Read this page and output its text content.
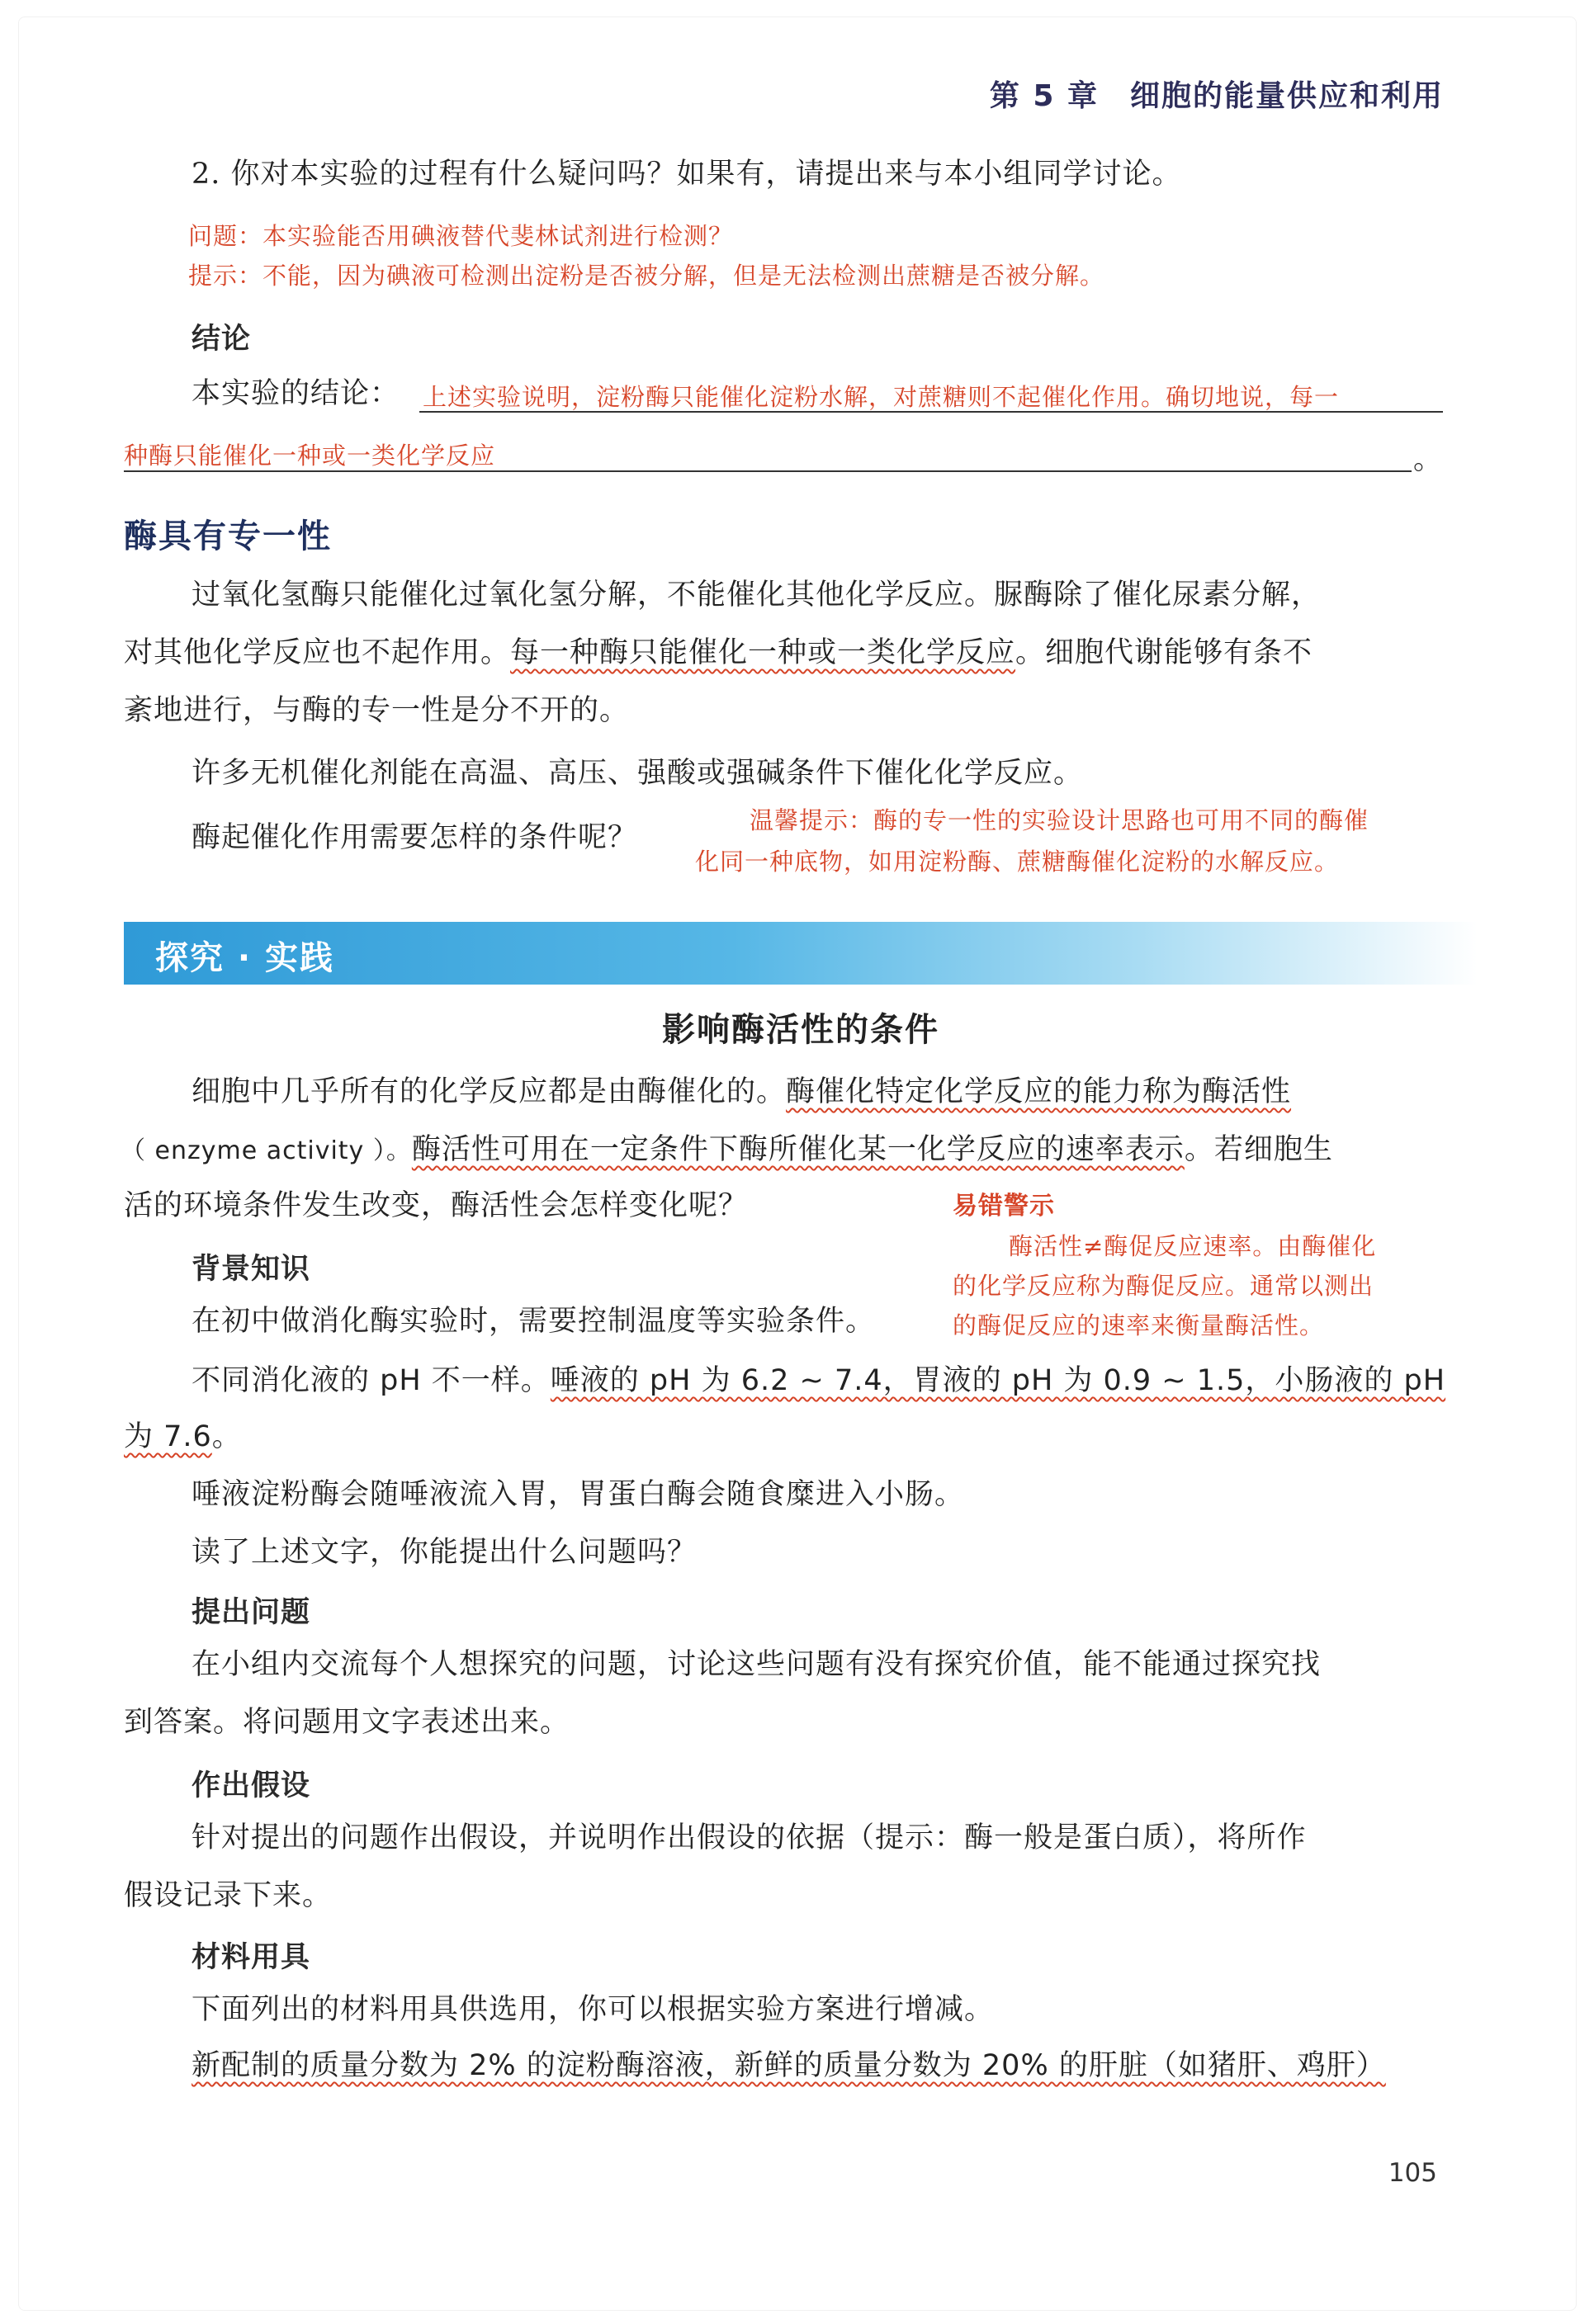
第 5 章　细胞的能量供应和利用

2. 你对本实验的过程有什么疑问吗？如果有，请提出来与本小组同学讨论。

问题：本实验能否用碘液替代斐林试剂进行检测？

提示：不能，因为碘液可检测出淀粉是否被分解，但是无法检测出蔗糖是否被分解。

结论

本实验的结论： 上述实验说明，淀粉酶只能催化淀粉水解，对蔗糖则不起催化作用。确切地说，每一

种酶只能催化一种或一类化学反应	。

酶具有专一性

过氧化氢酶只能催化过氧化氢分解，不能催化其他化学反应。脲酶除了催化尿素分解，

对其他化学反应也不起作用。每一种酶只能催化一种或一类化学反应。细胞代谢能够有条不

紊地进行，与酶的专一性是分不开的。

许多无机催化剂能在高温、高压、强酸或强碱条件下催化化学反应。

酶起催化作用需要怎样的条件呢？

温馨提示：酶的专一性的实验设计思路也可用不同的酶催

化同一种底物，如用淀粉酶、蔗糖酶催化淀粉的水解反应。

探究 · 实践
影响酶活性的条件

细胞中几乎所有的化学反应都是由酶催化的。酶催化特定化学反应的能力称为酶活性

（ enzyme activity ）。酶活性可用在一定条件下酶所催化某一化学反应的速率表示。若细胞生

活的环境条件发生改变，酶活性会怎样变化呢？	易错警示

酶活性≠酶促反应速率。由酶催化

的化学反应称为酶促反应。通常以测出

的酶促反应的速率来衡量酶活性。

背景知识

在初中做消化酶实验时，需要控制温度等实验条件。

不同消化液的 pH 不一样。唾液的 pH 为 6.2 ~ 7.4，胃液的 pH 为 0.9 ~ 1.5，小肠液的 pH

为 7.6。

唾液淀粉酶会随唾液流入胃，胃蛋白酶会随食糜进入小肠。

读了上述文字，你能提出什么问题吗？

提出问题

在小组内交流每个人想探究的问题，讨论这些问题有没有探究价值，能不能通过探究找

到答案。将问题用文字表述出来。

作出假设

针对提出的问题作出假设，并说明作出假设的依据（提示：酶一般是蛋白质），将所作

假设记录下来。

材料用具

下面列出的材料用具供选用，你可以根据实验方案进行增减。

新配制的质量分数为 2% 的淀粉酶溶液，新鲜的质量分数为 20% 的肝脏（如猪肝、鸡肝）

105
